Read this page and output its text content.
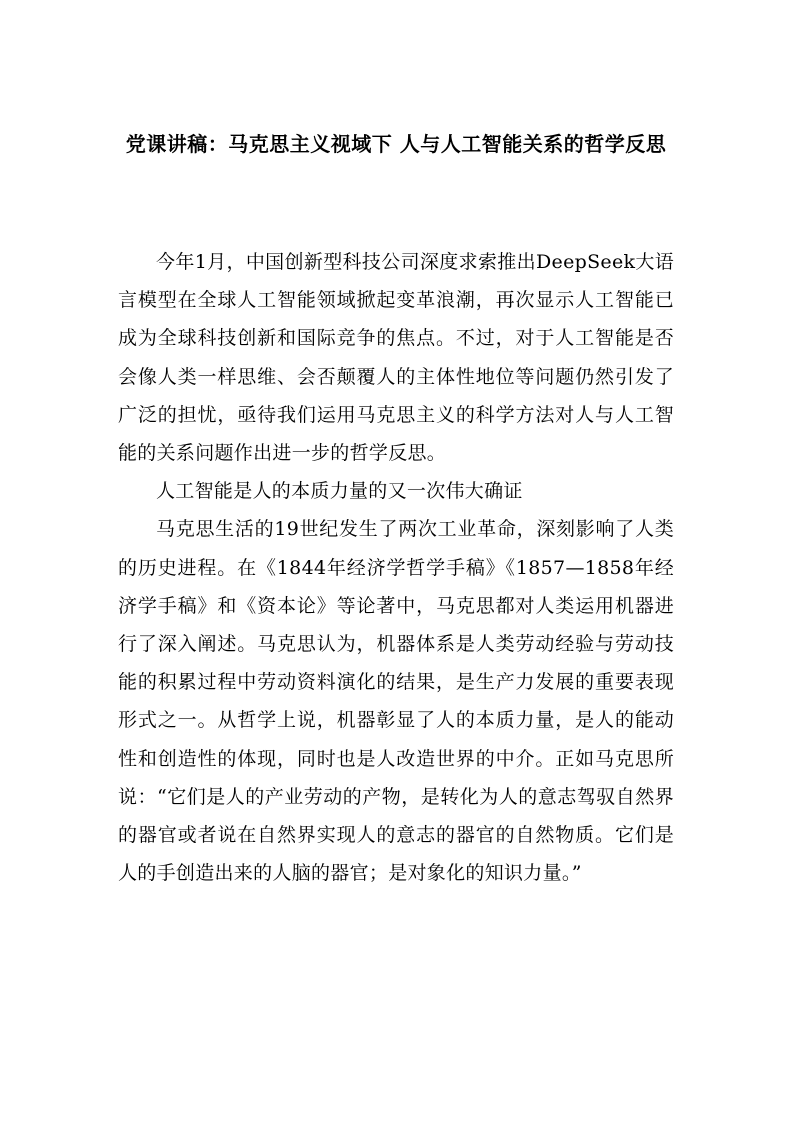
党课讲稿：马克思主义视域下 人与人工智能关系的哲学反思

今年1月，中国创新型科技公司深度求索推出DeepSeek大语言模型在全球人工智能领域掀起变革浪潮，再次显示人工智能已成为全球科技创新和国际竞争的焦点。不过，对于人工智能是否会像人类一样思维、会否颠覆人的主体性地位等问题仍然引发了广泛的担忧，亟待我们运用马克思主义的科学方法对人与人工智能的关系问题作出进一步的哲学反思。

人工智能是人的本质力量的又一次伟大确证

马克思生活的19世纪发生了两次工业革命，深刻影响了人类的历史进程。在《1844年经济学哲学手稿》《1857—1858年经济学手稿》和《资本论》等论著中，马克思都对人类运用机器进行了深入阐述。马克思认为，机器体系是人类劳动经验与劳动技能的积累过程中劳动资料演化的结果，是生产力发展的重要表现形式之一。从哲学上说，机器彰显了人的本质力量，是人的能动性和创造性的体现，同时也是人改造世界的中介。正如马克思所说：“它们是人的产业劳动的产物，是转化为人的意志驾驭自然界的器官或者说在自然界实现人的意志的器官的自然物质。它们是人的手创造出来的人脑的器官；是对象化的知识力量。”
